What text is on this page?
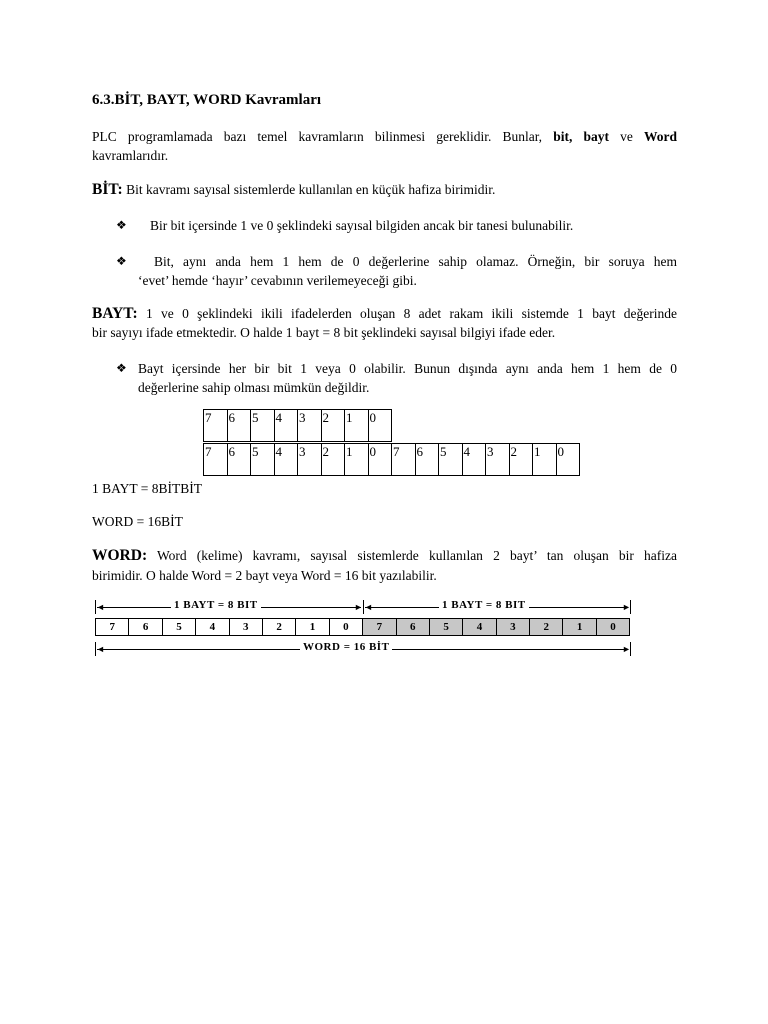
6.3.BİT, BAYT, WORD Kavramları
PLC programlamada bazı temel kavramların bilinmesi gereklidir. Bunlar, bit, bayt ve Word
kavramlarıdır.
BİT: Bit kavramı sayısal sistemlerde kullanılan en küçük hafiza birimidir.
❖ Bir bit içersinde 1 ve 0 şeklindeki sayısal bilgiden ancak bir tanesi bulunabilir.
❖ Bit, aynı anda hem 1 hem de 0 değerlerine sahip olamaz. Örneğin, bir soruya hem
‘evet’ hemde ‘hayır’ cevabının verilemeyeceği gibi.
BAYT: 1 ve 0 şeklindeki ikili ifadelerden oluşan 8 adet rakam ikili sistemde 1 bayt değerinde
bir sayıyı ifade etmektedir. O halde 1 bayt = 8 bit şeklindeki sayısal bilgiyi ifade eder.
❖ Bayt içersinde her bir bit 1 veya 0 olabilir. Bunun dışında aynı anda hem 1 hem de 0
değerlerine sahip olması mümkün değildir.
7	6	5	4	3	2	1	0
7	6	5	4	3	2	1	0	7	6	5	4	3	2	1	0
1 BAYT = 8BİTBİT
WORD = 16BİT
WORD: Word (kelime) kavramı, sayısal sistemlerde kullanılan 2 bayt’ tan oluşan bir hafiza
birimidir. O halde Word = 2 bayt veya Word = 16 bit yazılabilir.
◄	► ◄	►
1 BAYT = 8 BIT	1 BAYT = 8 BIT
7	6	5	4	3	2	1	0	7	6	5	4	3	2	1	0
◄	►
WORD = 16 BİT
